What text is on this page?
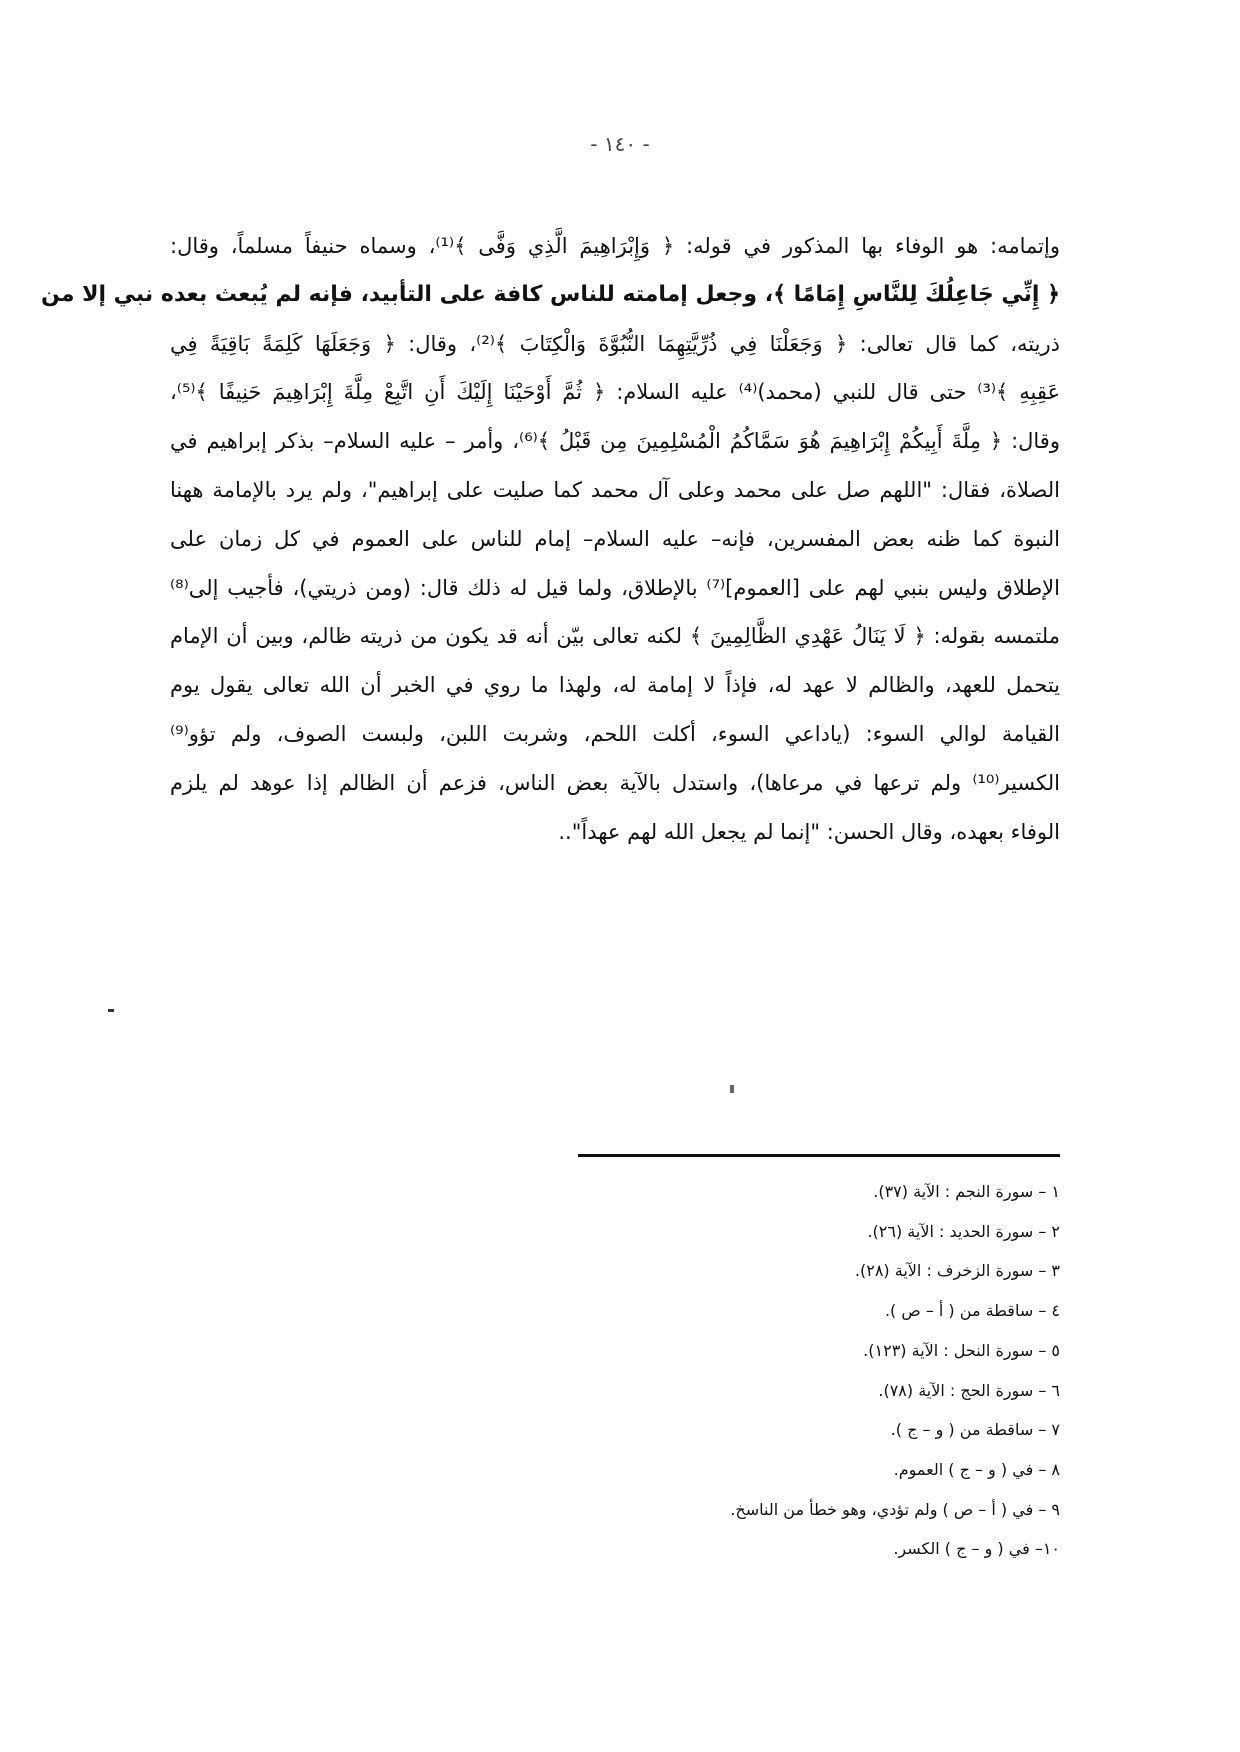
- ١٤٠ -
وإتمامه: هو الوفاء بها المذكور في قوله: ﴿ وَإِبْرَاهِيمَ الَّذِي وَفَّى ﴾⁽¹⁾، وسماه حنيفاً مسلماً، وقال:
﴿ إِنِّي جَاعِلُكَ لِلنَّاسِ إِمَامًا ﴾، وجعل إمامته للناس كافة على التأبيد، فإنه لم يُبعث بعده نبي إلا من
ذريته، كما قال تعالى: ﴿ وَجَعَلْنَا فِي ذُرِّيَّتِهِمَا النُّبُوَّةَ وَالْكِتَابَ ﴾⁽²⁾، وقال: ﴿ وَجَعَلَهَا كَلِمَةً بَاقِيَةً فِي
عَقِبِهِ ﴾⁽³⁾ حتى قال للنبي (محمد)⁽⁴⁾ عليه السلام: ﴿ ثُمَّ أَوْحَيْنَا إِلَيْكَ أَنِ اتَّبِعْ مِلَّةَ إِبْرَاهِيمَ حَنِيفًا ﴾⁽⁵⁾،
وقال: ﴿ مِلَّةَ أَبِيكُمْ إِبْرَاهِيمَ هُوَ سَمَّاكُمُ الْمُسْلِمِينَ مِن قَبْلُ ﴾⁽⁶⁾، وأمر – عليه السلام– بذكر إبراهيم في
الصلاة، فقال: "اللهم صل على محمد وعلى آل محمد كما صليت على إبراهيم"، ولم يرد بالإمامة ههنا
النبوة كما ظنه بعض المفسرين، فإنه– عليه السلام– إمام للناس على العموم في كل زمان على
الإطلاق وليس بنبي لهم على [العموم]⁽⁷⁾ بالإطلاق، ولما قيل له ذلك قال: (ومن ذريتي)، فأجيب إلى⁽⁸⁾
ملتمسه بقوله: ﴿ لَا يَنَالُ عَهْدِي الظَّالِمِينَ ﴾ لكنه تعالى بيّن أنه قد يكون من ذريته ظالم، وبين أن الإمام
يتحمل للعهد، والظالم لا عهد له، فإذاً لا إمامة له، ولهذا ما روي في الخبر أن الله تعالى يقول يوم
القيامة لوالي السوء: (ياداعي السوء، أكلت اللحم، وشربت اللبن، ولبست الصوف، ولم تؤو⁽⁹⁾
الكسير⁽¹⁰⁾ ولم ترعها في مرعاها)، واستدل بالآية بعض الناس، فزعم أن الظالم إذا عوهد لم يلزم
الوفاء بعهده، وقال الحسن: "إنما لم يجعل الله لهم عهداً"..
١ – سورة النجم : الآية (٣٧).
٢ – سورة الحديد : الآية (٢٦).
٣ – سورة الزخرف : الآية (٢٨).
٤ – ساقطة من ( أ – ص ).
٥ – سورة النحل : الآية (١٢٣).
٦ – سورة الحج : الآية (٧٨).
٧ – ساقطة من ( و – ج ).
٨ – في ( و – ج ) العموم.
٩ – في ( أ – ص ) ولم تؤدي، وهو خطأ من الناسخ.
١٠– في ( و – ج ) الكسر.
